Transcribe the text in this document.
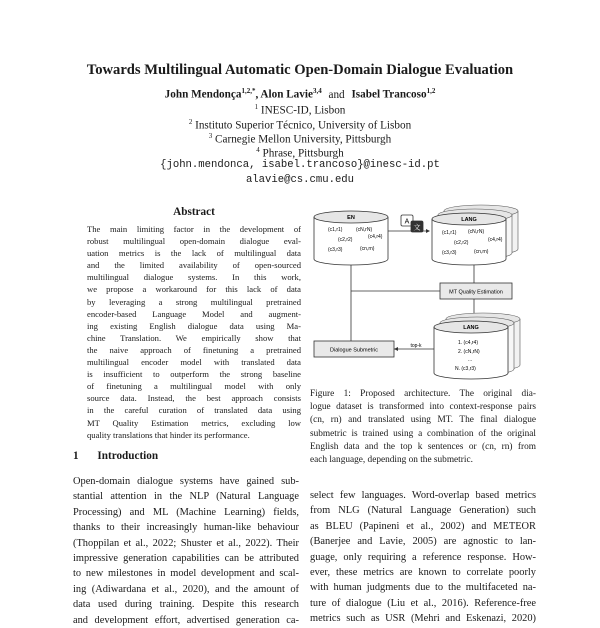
Towards Multilingual Automatic Open-Domain Dialogue Evaluation
John Mendonça$^{1,2,*}$, Alon Lavie$^{3,4}$ and Isabel Trancoso$^{1,2}$
$^1$ INESC-ID, Lisbon
$^2$ Instituto Superior Técnico, University of Lisbon
$^3$ Carnegie Mellon University, Pittsburgh
$^4$ Phrase, Pittsburgh
{john.mendonca, isabel.trancoso}@inesc-id.pt
alavie@cs.cmu.edu
Abstract
The main limiting factor in the development of
robust multilingual open-domain dialogue eval-
uation metrics is the lack of multilingual data
and the limited availability of open-sourced
multilingual dialogue systems. In this work,
we propose a workaround for this lack of data
by leveraging a strong multilingual pretrained
encoder-based Language Model and augment-
ing existing English dialogue data using Ma-
chine Translation. We empirically show that
the naive approach of finetuning a pretrained
multilingual encoder model with translated data
is insufficient to outperform the strong baseline
of finetuning a multilingual model with only
source data. Instead, the best approach consists
in the careful curation of translated data using
MT Quality Estimation metrics, excluding low
quality translations that hinder its performance.
1 Introduction
Open-domain dialogue systems have gained sub-
stantial attention in the NLP (Natural Language
Processing) and ML (Machine Learning) fields,
thanks to their increasingly human-like behaviour
(Thoppilan et al., 2022; Shuster et al., 2022). Their
impressive generation capabilities can be attributed
to new milestones in model development and scal-
ing (Adiwardana et al., 2020), and the amount of
data used during training. Despite this research
and development effort, advertised generation ca-
select few languages. Word-overlap based metrics
from NLG (Natural Language Generation) such
as BLEU (Papineni et al., 2002) and METEOR
(Banerjee and Lavie, 2005) are agnostic to lan-
guage, only requiring a reference response. How-
ever, these metrics are known to correlate poorly
with human judgments due to the multifaceted na-
ture of dialogue (Liu et al., 2016). Reference-free
metrics such as USR (Mehri and Eskenazi, 2020)
Figure 1: Proposed architecture. The original dia-
logue dataset is transformed into context-response pairs
(cn, rn) and translated using MT. The final dialogue
submetric is trained using a combination of the original
English data and the top k sentences or (cn, rn) from
each language, depending on the submetric.
EN
(c1,r1)	(cN,rN)
(c2,r2)	(c4,r4)
(c3,r3)	(cn,rn)
A
文
LANG
(c1,r1) (cN,rN)
(c2,r2)	(c4,r4)
(c3,r3)	(cn,rn)
MT Quality Estimation
LANG
1. (c4,r4)
2. (cN,rN)
...
N. (c3,r3)
Dialogue Submetric
top-k
